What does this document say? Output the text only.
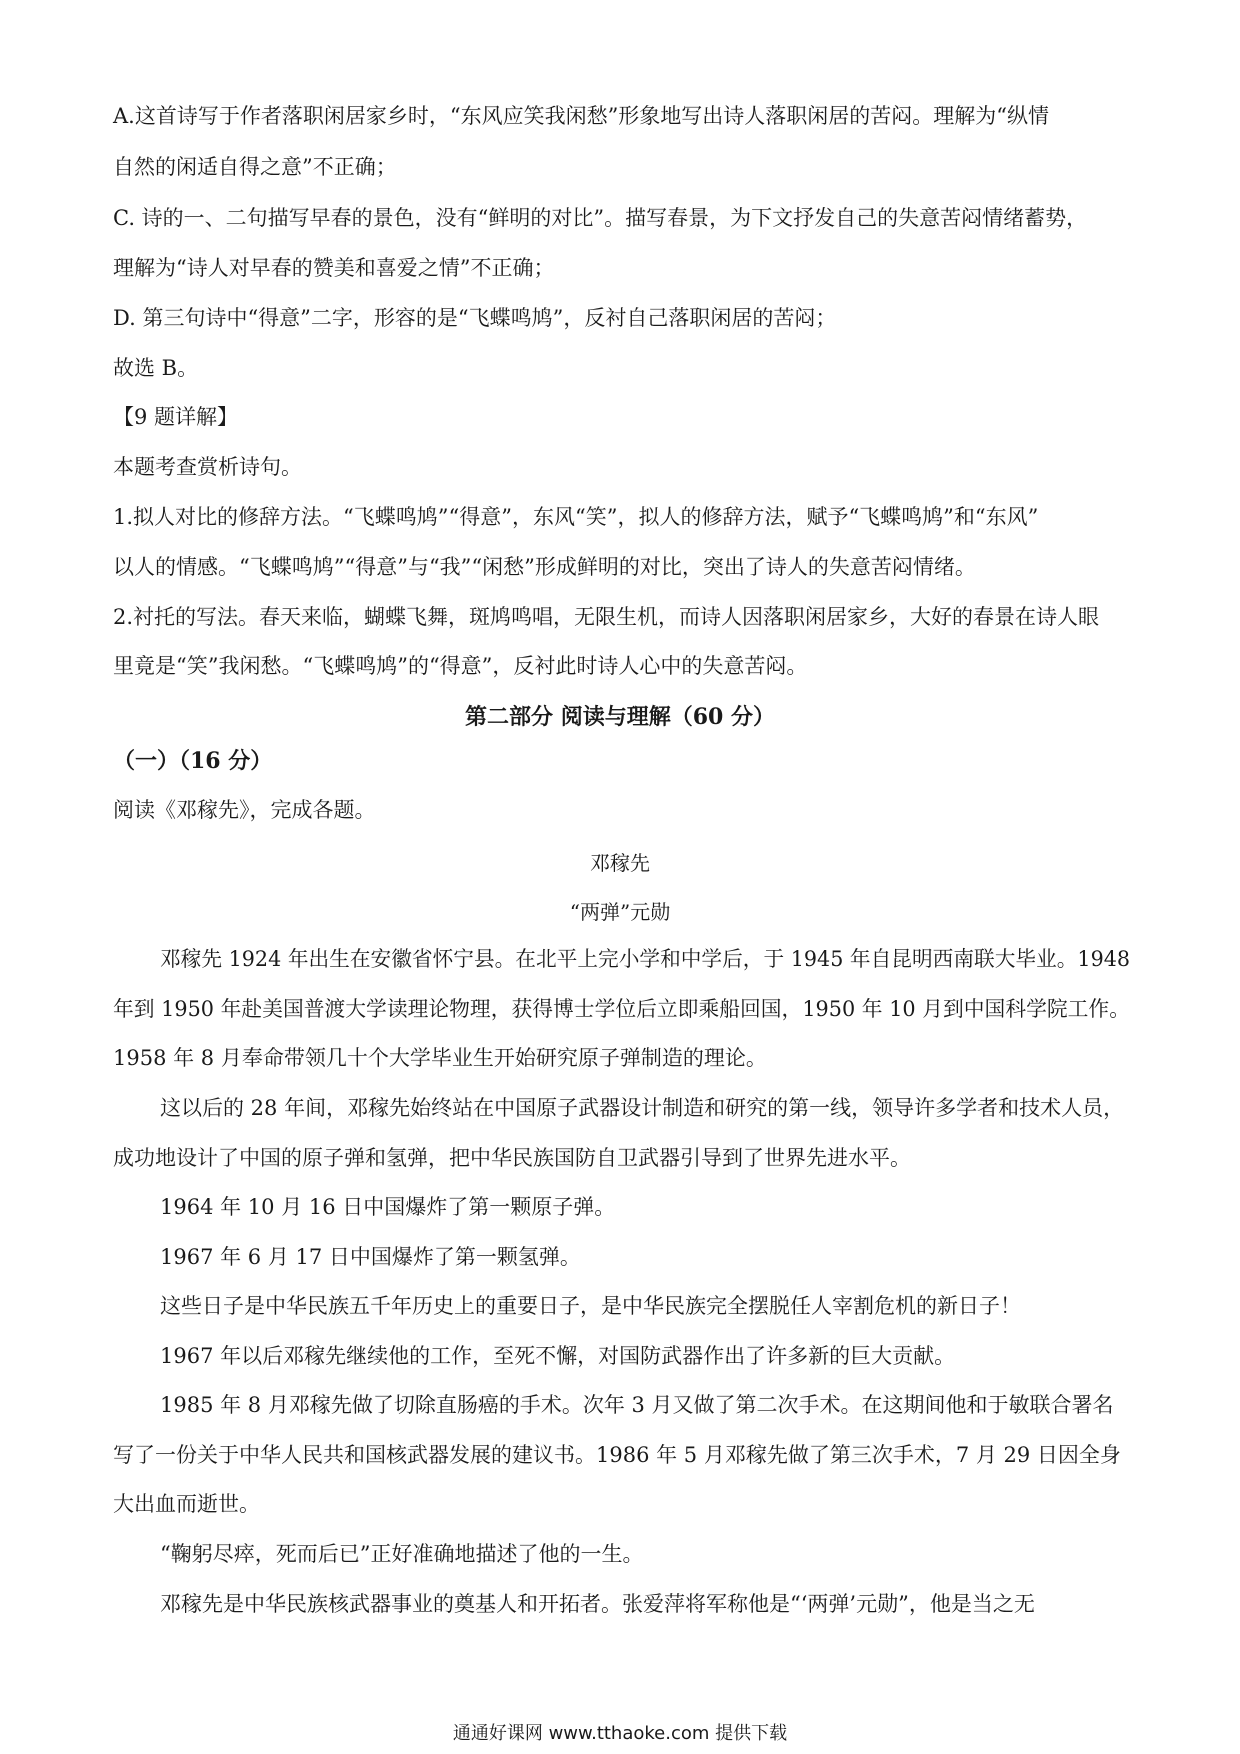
A.这首诗写于作者落职闲居家乡时，“东风应笑我闲愁”形象地写出诗人落职闲居的苦闷。理解为“纵情
自然的闲适自得之意”不正确；
C. 诗的一、二句描写早春的景色，没有“鲜明的对比”。描写春景，为下文抒发自己的失意苦闷情绪蓄势，
理解为“诗人对早春的赞美和喜爱之情”不正确；
D. 第三句诗中“得意”二字，形容的是“飞蝶鸣鸠”，反衬自己落职闲居的苦闷；
故选 B。
【9 题详解】
本题考查赏析诗句。
1.拟人对比的修辞方法。“飞蝶鸣鸠”“得意”，东风“笑”，拟人的修辞方法，赋予“飞蝶鸣鸠”和“东风”
以人的情感。“飞蝶鸣鸠”“得意”与“我”“闲愁”形成鲜明的对比，突出了诗人的失意苦闷情绪。
2.衬托的写法。春天来临，蝴蝶飞舞，斑鸠鸣唱，无限生机，而诗人因落职闲居家乡，大好的春景在诗人眼
里竟是“笑”我闲愁。“飞蝶鸣鸠”的“得意”，反衬此时诗人心中的失意苦闷。
第二部分 阅读与理解（60 分）
（一）（16 分）
阅读《邓稼先》，完成各题。
邓稼先
“两弹”元勋
邓稼先 1924 年出生在安徽省怀宁县。在北平上完小学和中学后，于 1945 年自昆明西南联大毕业。1948
年到 1950 年赴美国普渡大学读理论物理，获得博士学位后立即乘船回国，1950 年 10 月到中国科学院工作。
1958 年 8 月奉命带领几十个大学毕业生开始研究原子弹制造的理论。
这以后的 28 年间，邓稼先始终站在中国原子武器设计制造和研究的第一线，领导许多学者和技术人员，
成功地设计了中国的原子弹和氢弹，把中华民族国防自卫武器引导到了世界先进水平。
1964 年 10 月 16 日中国爆炸了第一颗原子弹。
1967 年 6 月 17 日中国爆炸了第一颗氢弹。
这些日子是中华民族五千年历史上的重要日子，是中华民族完全摆脱任人宰割危机的新日子！
1967 年以后邓稼先继续他的工作，至死不懈，对国防武器作出了许多新的巨大贡献。
1985 年 8 月邓稼先做了切除直肠癌的手术。次年 3 月又做了第二次手术。在这期间他和于敏联合署名
写了一份关于中华人民共和国核武器发展的建议书。1986 年 5 月邓稼先做了第三次手术，7 月 29 日因全身
大出血而逝世。
“鞠躬尽瘁，死而后已”正好准确地描述了他的一生。
邓稼先是中华民族核武器事业的奠基人和开拓者。张爱萍将军称他是“‘两弹’元勋”，他是当之无
通通好课网 www.tthaoke.com 提供下载
